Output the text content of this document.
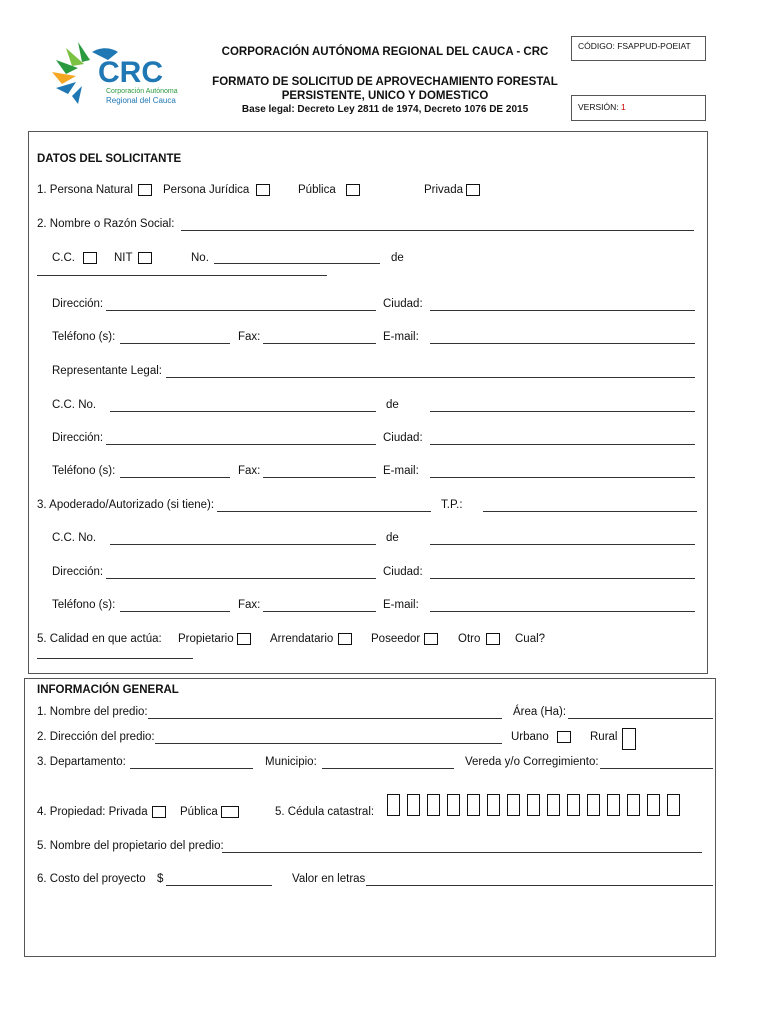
CRC
Corporación Autónoma
Regional del Cauca
CORPORACIÓN AUTÓNOMA REGIONAL DEL CAUCA - CRC
FORMATO DE SOLICITUD DE APROVECHAMIENTO FORESTAL
PERSISTENTE, UNICO Y DOMESTICO
Base legal: Decreto Ley 2811 de 1974, Decreto 1076 DE 2015
CÓDIGO: FSAPPUD-POEIAT
VERSIÓN: 1
DATOS DEL SOLICITANTE
1. Persona Natural	Persona Jurídica	Pública	Privada
2. Nombre o Razón Social:
C.C.	NIT	No.	de
Dirección:	Ciudad:
Teléfono (s):	Fax:	E-mail:
Representante Legal:
C.C. No.	de
Dirección:	Ciudad:
Teléfono (s):	Fax:	E-mail:
3. Apoderado/Autorizado (si tiene):	T.P.:
C.C. No.	de
Dirección:	Ciudad:
Teléfono (s):	Fax:	E-mail:
5. Calidad en que actúa: Propietario	Arrendatario	Poseedor	Otro	Cual?
INFORMACIÓN GENERAL
1. Nombre del predio:	Área (Ha):
2. Dirección del predio:	Urbano	Rural
3. Departamento:	Municipio:	Vereda y/o Corregimiento:
4. Propiedad: Privada	Pública	5. Cédula catastral:
5. Nombre del propietario del predio:
6. Costo del proyecto $	Valor en letras
